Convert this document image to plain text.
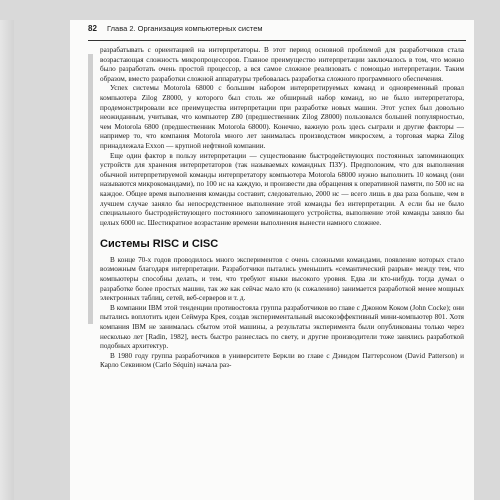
82 Глава 2. Организация компьютерных систем

разрабатывать с ориентацией на интерпретаторы. В этот период основной проблемой для разработчиков стала возрастающая сложность микропроцессоров. Главное преимущество интерпретации заключалось в том, что можно было разработать очень простой процессор, а вся самое сложное реализовать с помощью интерпретации. Таким образом, вместо разработки сложной аппаратуры требовалась разработка сложного программного обеспечения.

Успех системы Motorola 68000 с большим набором интерпретируемых команд и одновременный провал компьютера Zilog Z8000, у которого был столь же обширный набор команд, но не было интерпретатора, продемонстрировали все преимущества интерпретации при разработке новых машин. Этот успех был довольно неожиданным, учитывая, что компьютер Z80 (предшественник Zilog Z8000) пользовался большей популярностью, чем Motorola 6800 (предшественник Motorola 68000). Конечно, важную роль здесь сыграли и другие факторы — например то, что компания Motorola много лет занималась производством микросхем, а торговая марка Zilog принадлежала Exxon — крупной нефтяной компании.

Еще один фактор в пользу интерпретации — существование быстродействующих постоянных запоминающих устройств для хранения интерпретаторов (так называемых командных ПЗУ). Предположим, что для выполнения обычной интерпретируемой команды интерпретатору компьютера Motorola 68000 нужно выполнить 10 команд (они называются микрокомандами), по 100 нс на каждую, и произвести два обращения к оперативной памяти, по 500 нс на каждое. Общее время выполнения команды составит, следовательно, 2000 нс — всего лишь в два раза больше, чем в лучшем случае заняло бы непосредственное выполнение этой команды без интерпретации. А если бы не было специального быстродействующего постоянного запоминающего устройства, выполнение этой команды заняло бы целых 6000 нс. Шестикратное возрастание времени выполнения вынести намного сложнее.

Системы RISC и CISC

В конце 70-х годов проводилось много экспериментов с очень сложными командами, появление которых стало возможным благодаря интерпретации. Разработчики пытались уменьшить «семантический разрыв» между тем, что компьютеры способны делать, и тем, что требуют языки высокого уровня. Едва ли кто-нибудь тогда думал о разработке более простых машин, так же как сейчас мало кто (к сожалению) занимается разработкой менее мощных электронных таблиц, сетей, веб-серверов и т. д.

В компании IBM этой тенденции противостояла группа разработчиков во главе с Джоном Коком (John Cocke); они пытались воплотить идеи Сеймура Крея, создав экспериментальный высокоэффективный мини-компьютер 801. Хотя компания IBM не занималась сбытом этой машины, а результаты эксперимента были опубликованы только через несколько лет [Radin, 1982], весть быстро разнеслась по свету, и другие производители тоже занялись разработкой подобных архитектур.

В 1980 году группа разработчиков в университете Беркли во главе с Дэвидом Паттерсоном (David Patterson) и Карло Секвином (Carlo Séquin) начала раз-
